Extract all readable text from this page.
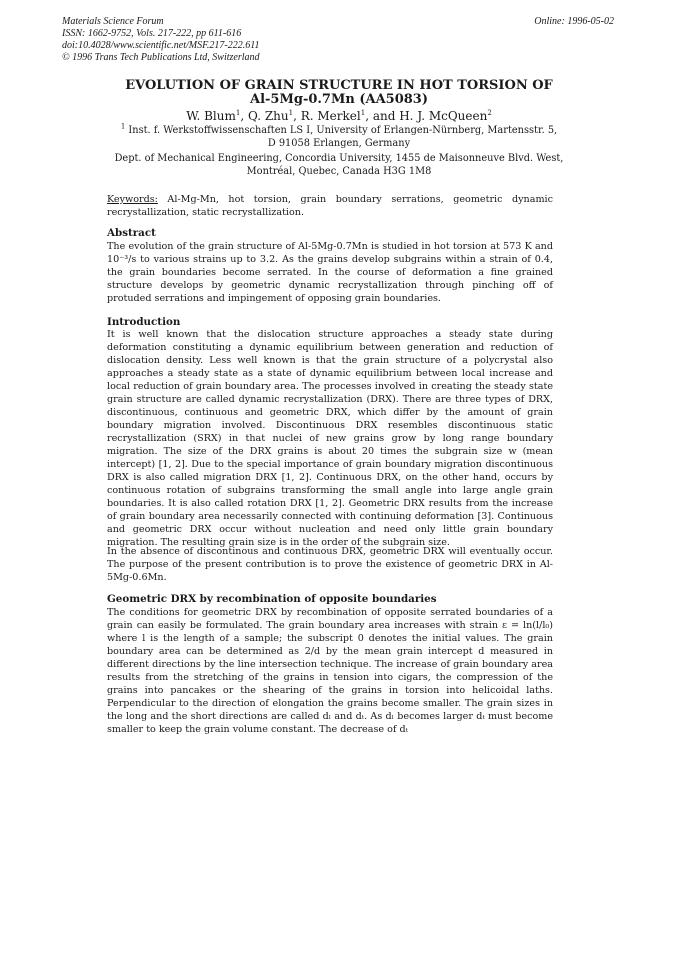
Materials Science Forum
ISSN: 1662-9752, Vols. 217-222, pp 611-616
doi:10.4028/www.scientific.net/MSF.217-222.611
© 1996 Trans Tech Publications Ltd, Switzerland
Online: 1996-05-02
EVOLUTION OF GRAIN STRUCTURE IN HOT TORSION OF
Al-5Mg-0.7Mn (AA5083)
W. Blum$^1$, Q. Zhu$^1$, R. Merkel$^1$, and H. J. McQueen$^2$
$^1$ Inst. f. Werkstoffwissenschaften LS I, University of Erlangen-Nürnberg, Martensstr. 5,
D 91058 Erlangen, Germany
Dept. of Mechanical Engineering, Concordia University, 1455 de Maisonneuve Blvd. West,
Montréal, Quebec, Canada H3G 1M8
Keywords: Al-Mg-Mn, hot torsion, grain boundary serrations, geometric dynamic recrystallization, static recrystallization.
Abstract
The evolution of the grain structure of Al-5Mg-0.7Mn is studied in hot torsion at 573 K and 10⁻³/s to various strains up to 3.2. As the grains develop subgrains within a strain of 0.4, the grain boundaries become serrated. In the course of deformation a fine grained structure develops by geometric dynamic recrystallization through pinching off of protuded serrations and impingement of opposing grain boundaries.
Introduction
It is well known that the dislocation structure approaches a steady state during deformation constituting a dynamic equilibrium between generation and reduction of dislocation density. Less well known is that the grain structure of a polycrystal also approaches a steady state as a state of dynamic equilibrium between local increase and local reduction of grain boundary area. The processes involved in creating the steady state grain structure are called dynamic recrystallization (DRX). There are three types of DRX, discontinuous, continuous and geometric DRX, which differ by the amount of grain boundary migration involved. Discontinuous DRX resembles discontinuous static recrystallization (SRX) in that nuclei of new grains grow by long range boundary migration. The size of the DRX grains is about 20 times the subgrain size w (mean intercept) [1, 2]. Due to the special importance of grain boundary migration discontinuous DRX is also called migration DRX [1, 2]. Continuous DRX, on the other hand, occurs by continuous rotation of subgrains transforming the small angle into large angle grain boundaries. It is also called rotation DRX [1, 2]. Geometric DRX results from the increase of grain boundary area necessarily connected with continuing deformation [3]. Continuous and geometric DRX occur without nucleation and need only little grain boundary migration. The resulting grain size is in the order of the subgrain size.
In the absence of discontinous and continuous DRX, geometric DRX will eventually occur. The purpose of the present contribution is to prove the existence of geometric DRX in Al-5Mg-0.6Mn.
Geometric DRX by recombination of opposite boundaries
The conditions for geometric DRX by recombination of opposite serrated boundaries of a grain can easily be formulated. The grain boundary area increases with strain ε = ln(l/l₀) where l is the length of a sample; the subscript 0 denotes the initial values. The grain boundary area can be determined as 2/d by the mean grain intercept d measured in different directions by the line intersection technique. The increase of grain boundary area results from the stretching of the grains in tension into cigars, the compression of the grains into pancakes or the shearing of the grains in torsion into helicoidal laths. Perpendicular to the direction of elongation the grains become smaller. The grain sizes in the long and the short directions are called dₗ and dₜ. As dₗ becomes larger dₜ must become smaller to keep the grain volume constant. The decrease of dₜ
